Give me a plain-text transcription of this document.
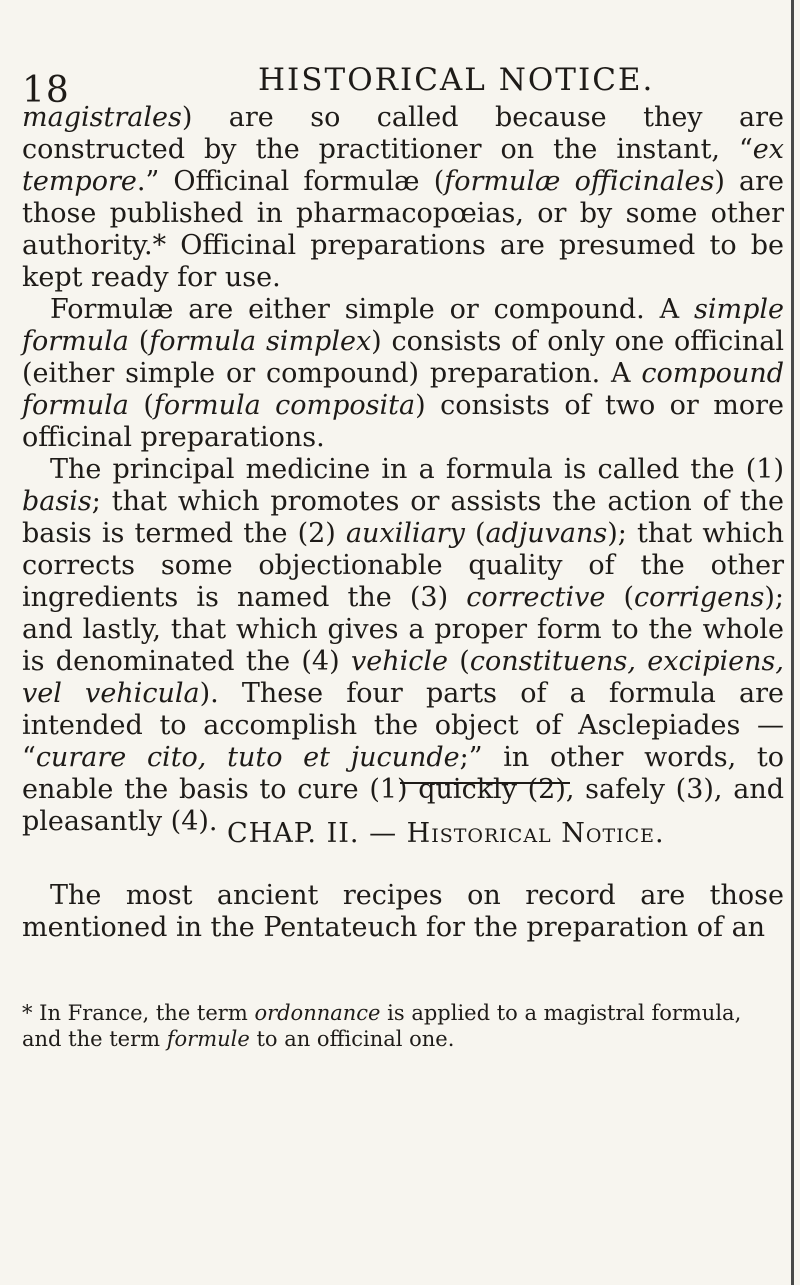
18	HISTORICAL NOTICE.

magistrales) are so called because they are constructed by the practitioner on the instant, “ex tempore.” Officinal formulæ (formulæ officinales) are those published in pharmacopœias, or by some other authority.* Officinal preparations are presumed to be kept ready for use.

Formulæ are either simple or compound. A simple formula (formula simplex) consists of only one officinal (either simple or compound) preparation. A compound formula (formula composita) consists of two or more officinal preparations.

The principal medicine in a formula is called the (1) basis; that which promotes or assists the action of the basis is termed the (2) auxiliary (adjuvans); that which corrects some objectionable quality of the other ingredients is named the (3) corrective (corrigens); and lastly, that which gives a proper form to the whole is denominated the (4) vehicle (constituens, excipiens, vel vehicula). These four parts of a formula are intended to accomplish the object of Asclepiades — “curare cito, tuto et jucunde;” in other words, to enable the basis to cure (1) quickly (2), safely (3), and pleasantly (4). CHAP. II. — Historical Notice.

The most ancient recipes on record are those mentioned in the Pentateuch for the preparation of an

* In France, the term ordonnance is applied to a magistral formula, and the term formule to an officinal one.
